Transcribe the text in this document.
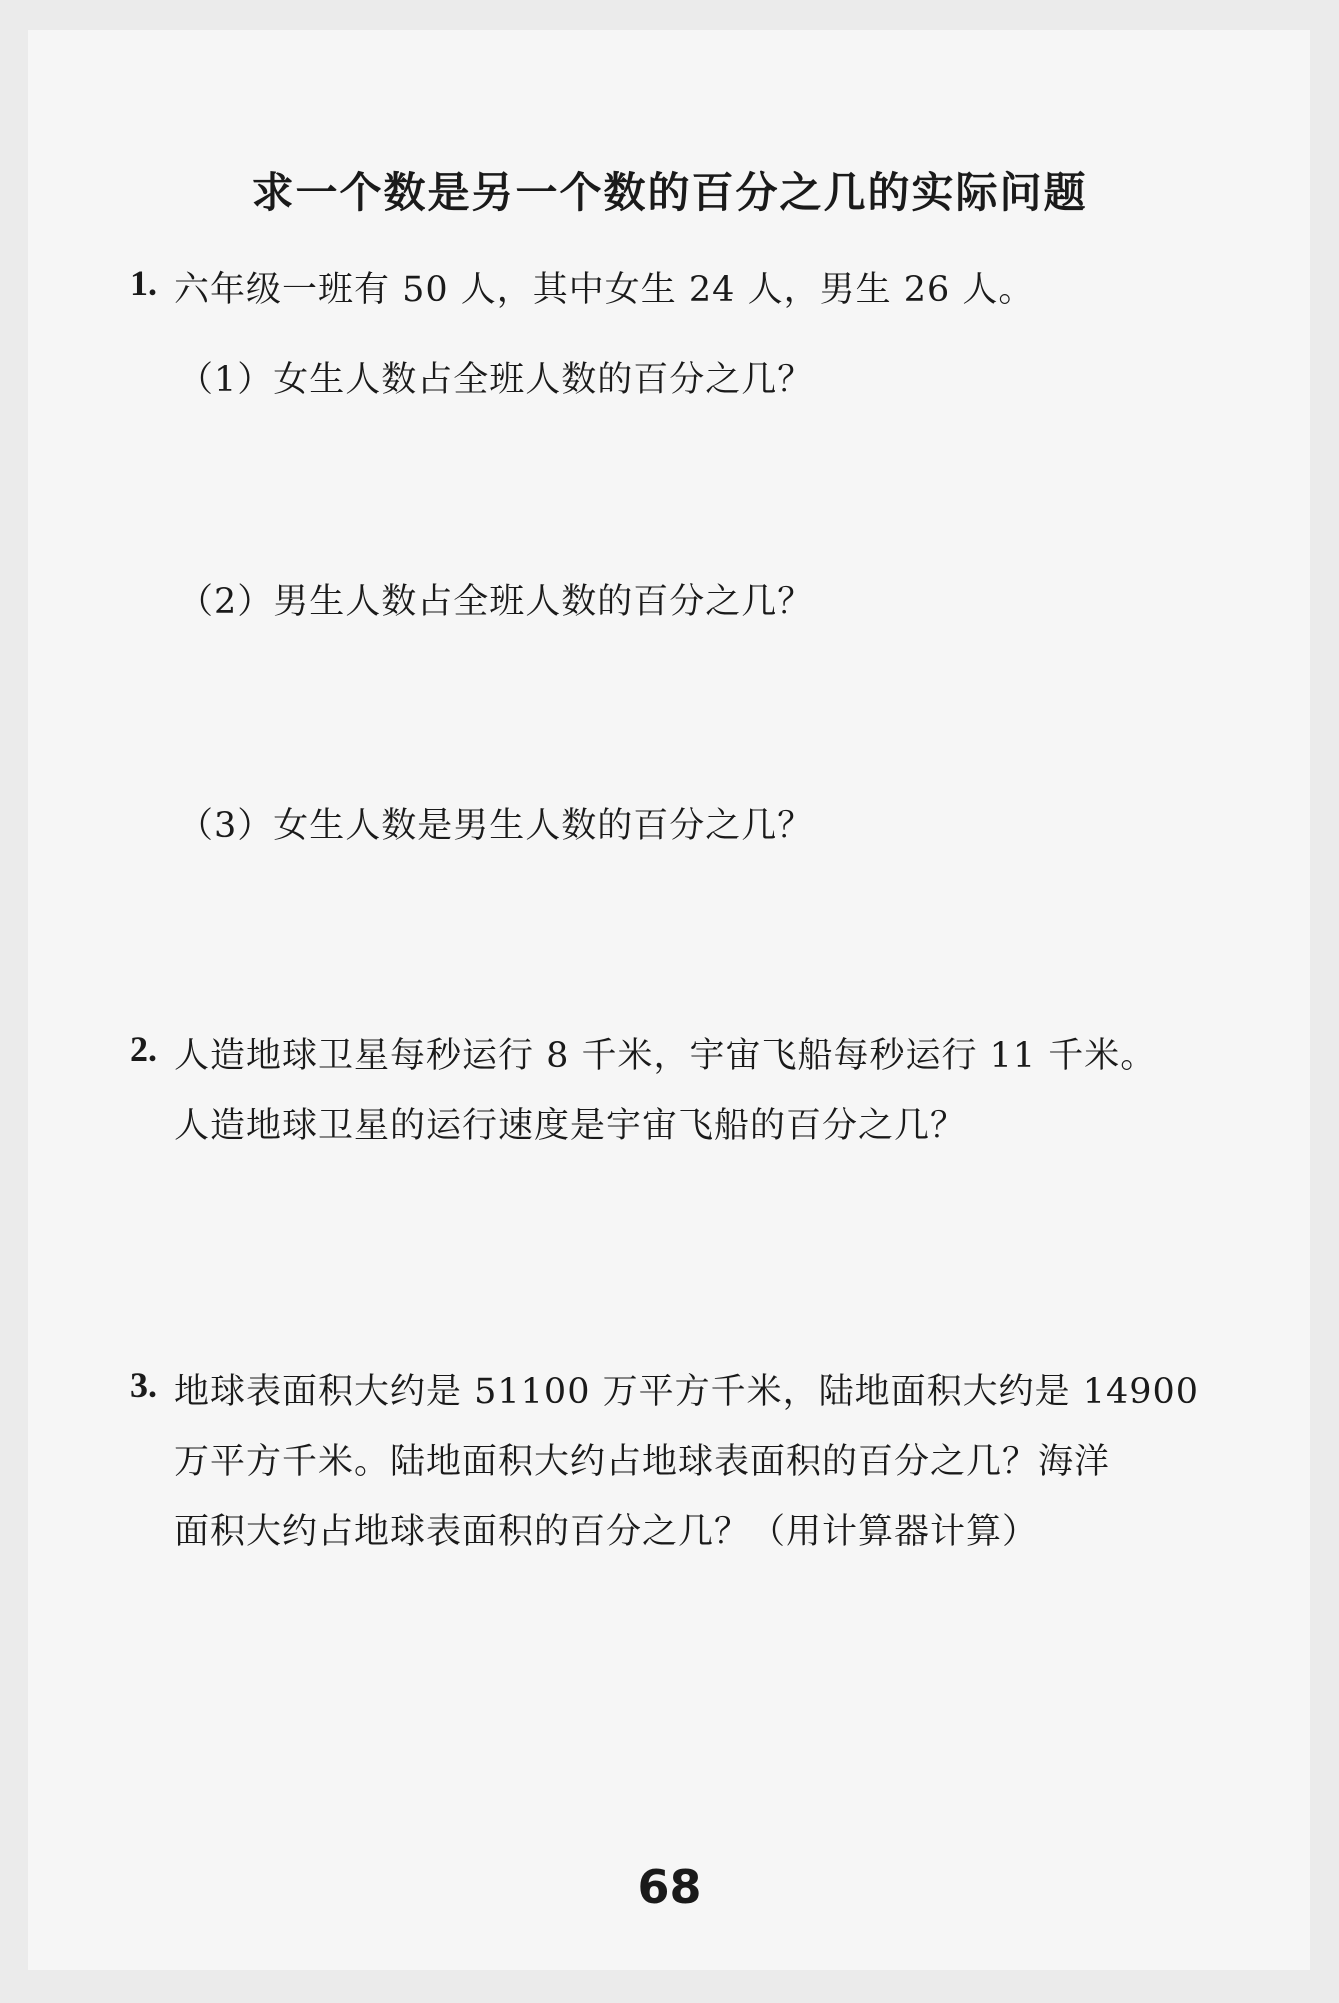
求一个数是另一个数的百分之几的实际问题
1. 六年级一班有 50 人，其中女生 24 人，男生 26 人。
（1）女生人数占全班人数的百分之几？
（2）男生人数占全班人数的百分之几？
（3）女生人数是男生人数的百分之几？
2. 人造地球卫星每秒运行 8 千米，宇宙飞船每秒运行 11 千米。
人造地球卫星的运行速度是宇宙飞船的百分之几？
3. 地球表面积大约是 51100 万平方千米，陆地面积大约是 14900
万平方千米。陆地面积大约占地球表面积的百分之几？海洋
面积大约占地球表面积的百分之几？（用计算器计算）
68
